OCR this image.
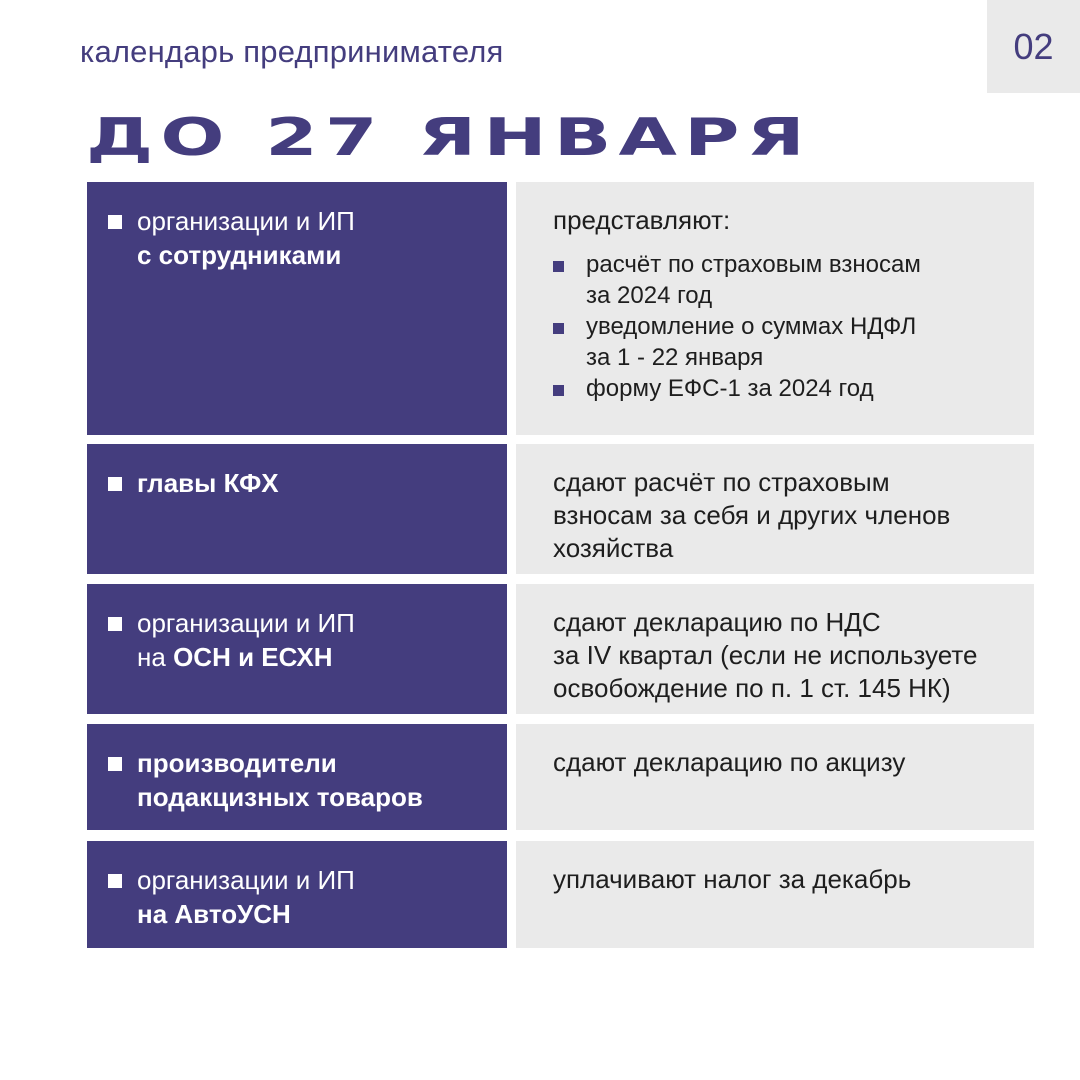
календарь предпринимателя	02
ДО 27 ЯНВАРЯ
организации и ИП
с сотрудниками
представляют:
расчёт по страховым взносам
за 2024 год
уведомление о суммах НДФЛ
за 1 - 22 января
форму ЕФС-1 за 2024 год
главы КФХ	сдают расчёт по страховым
взносам за себя и других членов
хозяйства
организации и ИП
на ОСН и ЕСХН
сдают декларацию по НДС
за IV квартал (если не используете
освобождение по п. 1 ст. 145 НК)
производители
подакцизных товаров
сдают декларацию по акцизу
организации и ИП
на АвтоУСН
уплачивают налог за декабрь
